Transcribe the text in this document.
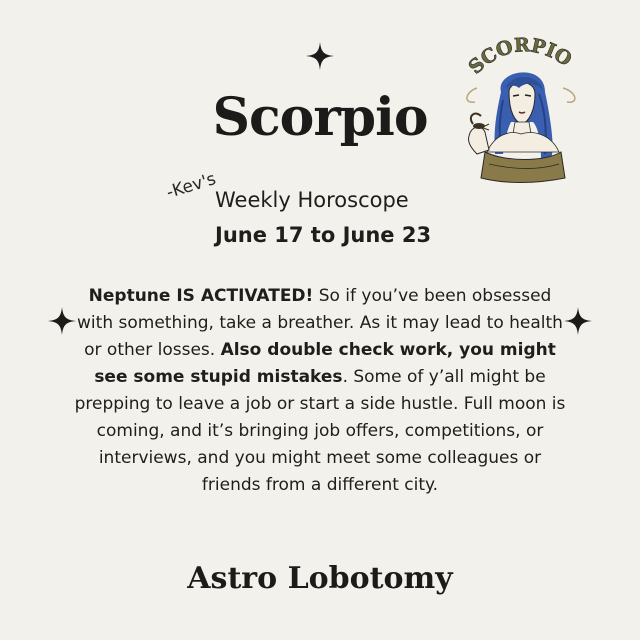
SCORPIO
Scorpio
-Kev's
Weekly Horoscope
June 17 to June 23
Neptune IS ACTIVATED! So if you’ve been obsessed with something, take a breather. As it may lead to health or other losses. Also double check work, you might see some stupid mistakes. Some of y’all might be prepping to leave a job or start a side hustle. Full moon is coming, and it’s bringing job offers, competitions, or interviews, and you might meet some colleagues or friends from a different city.
Astro Lobotomy
